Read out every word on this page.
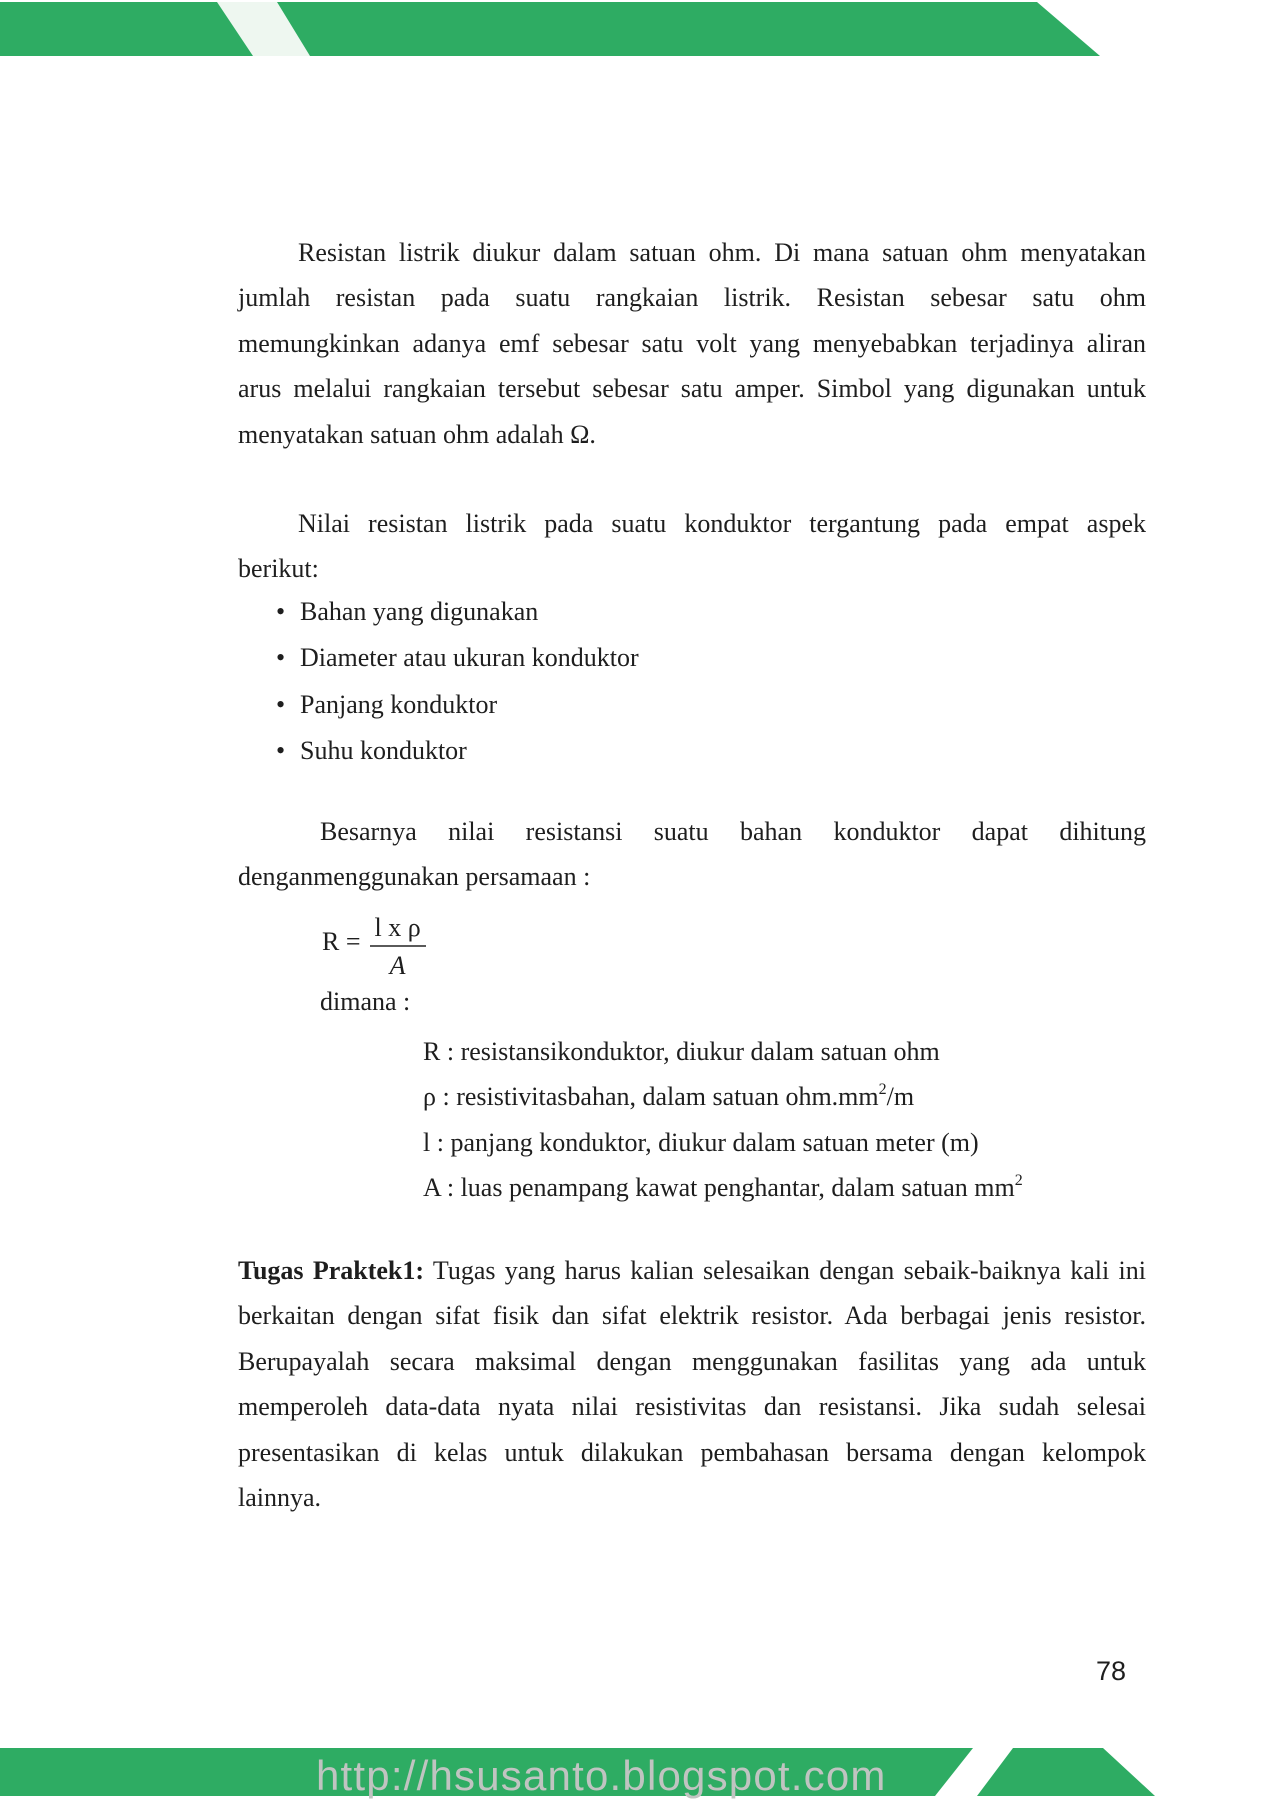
Resistan listrik diukur dalam satuan ohm. Di mana satuan ohm menyatakan
jumlah resistan pada suatu rangkaian listrik. Resistan sebesar satu ohm
memungkinkan adanya emf sebesar satu volt yang menyebabkan terjadinya aliran
arus melalui rangkaian tersebut sebesar satu amper. Simbol yang digunakan untuk
menyatakan satuan ohm adalah Ω.
Nilai resistan listrik pada suatu konduktor tergantung pada empat aspek
berikut:
• Bahan yang digunakan
• Diameter atau ukuran konduktor
• Panjang konduktor
• Suhu konduktor
Besarnya nilai resistansi suatu bahan konduktor dapat dihitung
denganmenggunakan persamaan :
$R = \frac{\text{l x ρ}}{A}$
dimana :
R : resistansikonduktor, diukur dalam satuan ohm
ρ : resistivitasbahan, dalam satuan $ohm.mm^2/m$
l : panjang konduktor, diukur dalam satuan meter (m)
A : luas penampang kawat penghantar, dalam satuan $mm^2$
Tugas Praktek1: Tugas yang harus kalian selesaikan dengan sebaik-baiknya kali ini
berkaitan dengan sifat fisik dan sifat elektrik resistor. Ada berbagai jenis resistor.
Berupayalah secara maksimal dengan menggunakan fasilitas yang ada untuk
memperoleh data-data nyata nilai resistivitas dan resistansi. Jika sudah selesai
presentasikan di kelas untuk dilakukan pembahasan bersama dengan kelompok
lainnya.
78
http://hsusanto.blogspot.com
